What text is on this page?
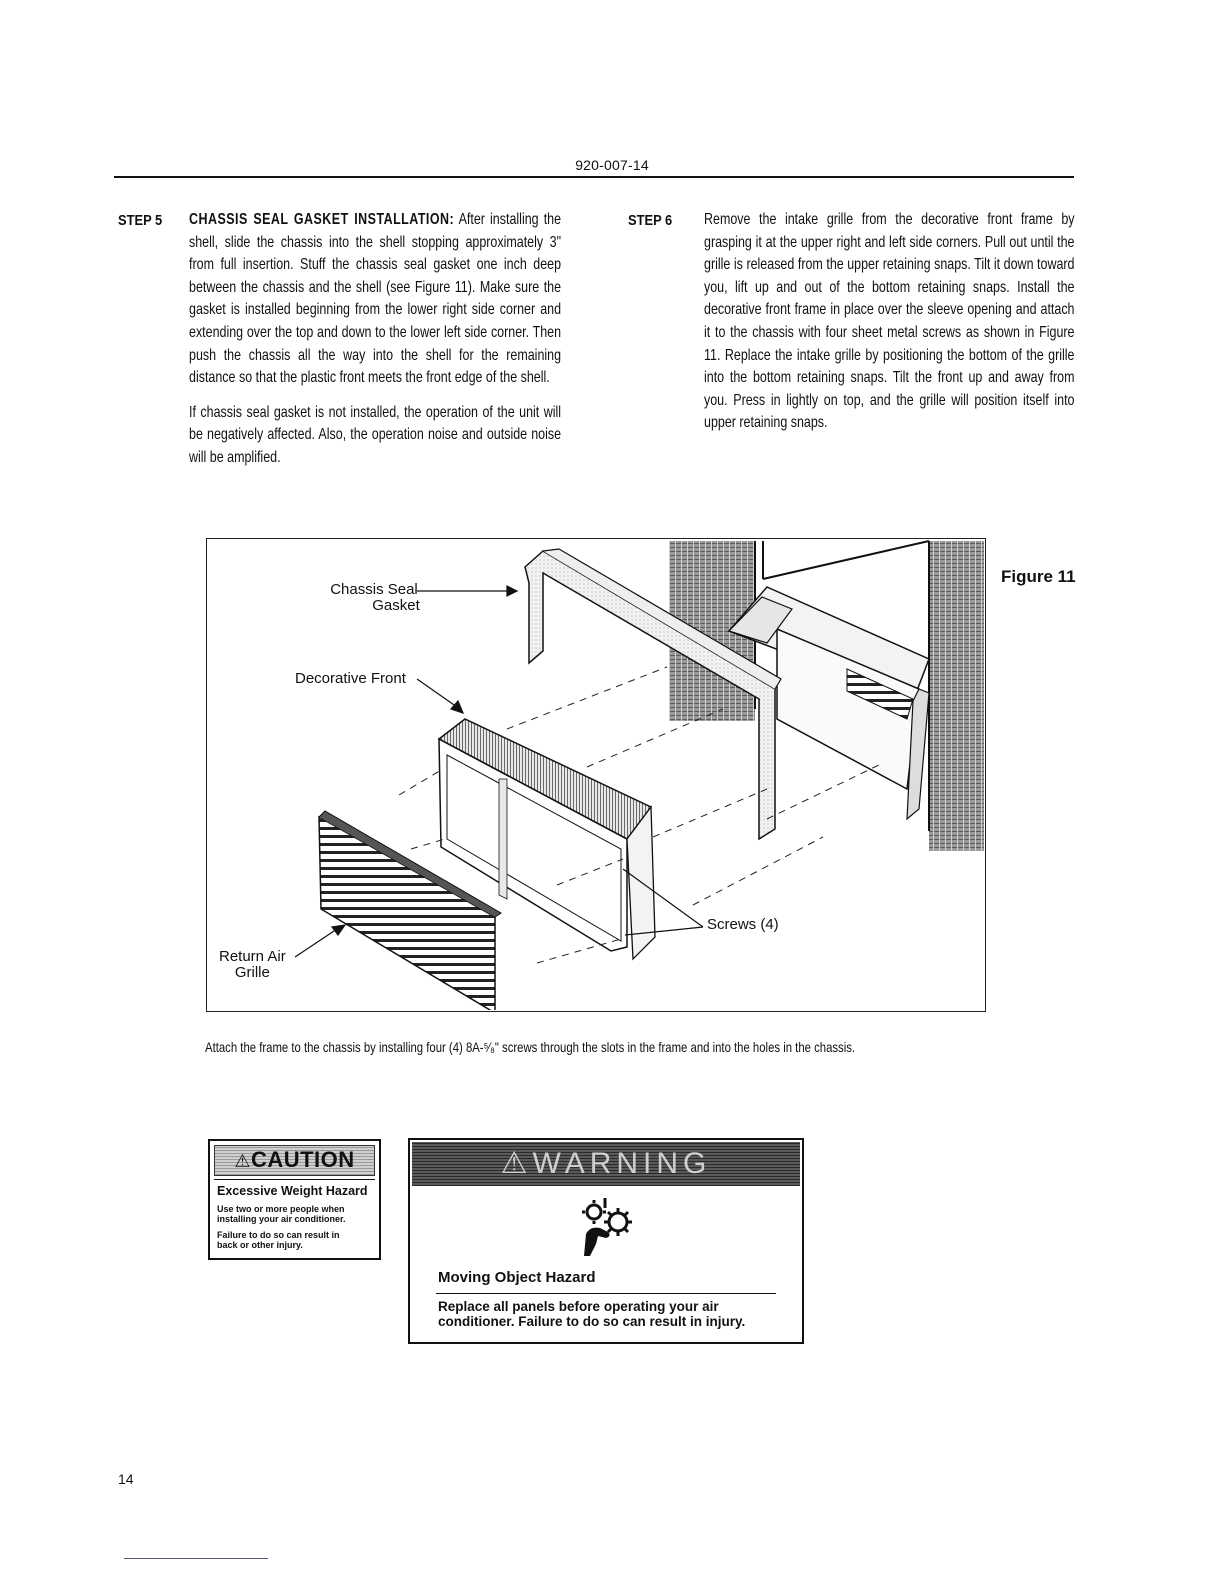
920-007-14
STEP 5 CHASSIS SEAL GASKET INSTALLATION: After installing the shell, slide the chassis into the shell stopping approximately 3" from full insertion. Stuff the chassis seal gasket one inch deep between the chassis and the shell (see Figure 11). Make sure the gasket is installed beginning from the lower right side corner and extending over the top and down to the lower left side corner. Then push the chassis all the way into the shell for the remaining distance so that the plastic front meets the front edge of the shell.

If chassis seal gasket is not installed, the operation of the unit will be negatively affected. Also, the operation noise and outside noise will be amplified.

STEP 6 Remove the intake grille from the decorative front frame by grasping it at the upper right and left side corners. Pull out until the grille is released from the upper retaining snaps. Tilt it down toward you, lift up and out of the bottom retaining snaps. Install the decorative front frame in place over the sleeve opening and attach it to the chassis with four sheet metal screws as shown in Figure 11. Replace the intake grille by positioning the bottom of the grille into the bottom retaining snaps. Tilt the front up and away from you. Press in lightly on top, and the grille will position itself into upper retaining snaps.

Chassis Seal
Gasket
Decorative Front
Screws (4)
Return Air
Grille
Figure 11
Attach the frame to the chassis by installing four (4) 8A-⁵⁄₈" screws through the slots in the frame and into the holes in the chassis.
⚠CAUTION
Excessive Weight Hazard
Use two or more people when
installing your air conditioner.
Failure to do so can result in
back or other injury.
⚠WARNING
Moving Object Hazard
Replace all panels before operating your air
conditioner. Failure to do so can result in injury.
14
